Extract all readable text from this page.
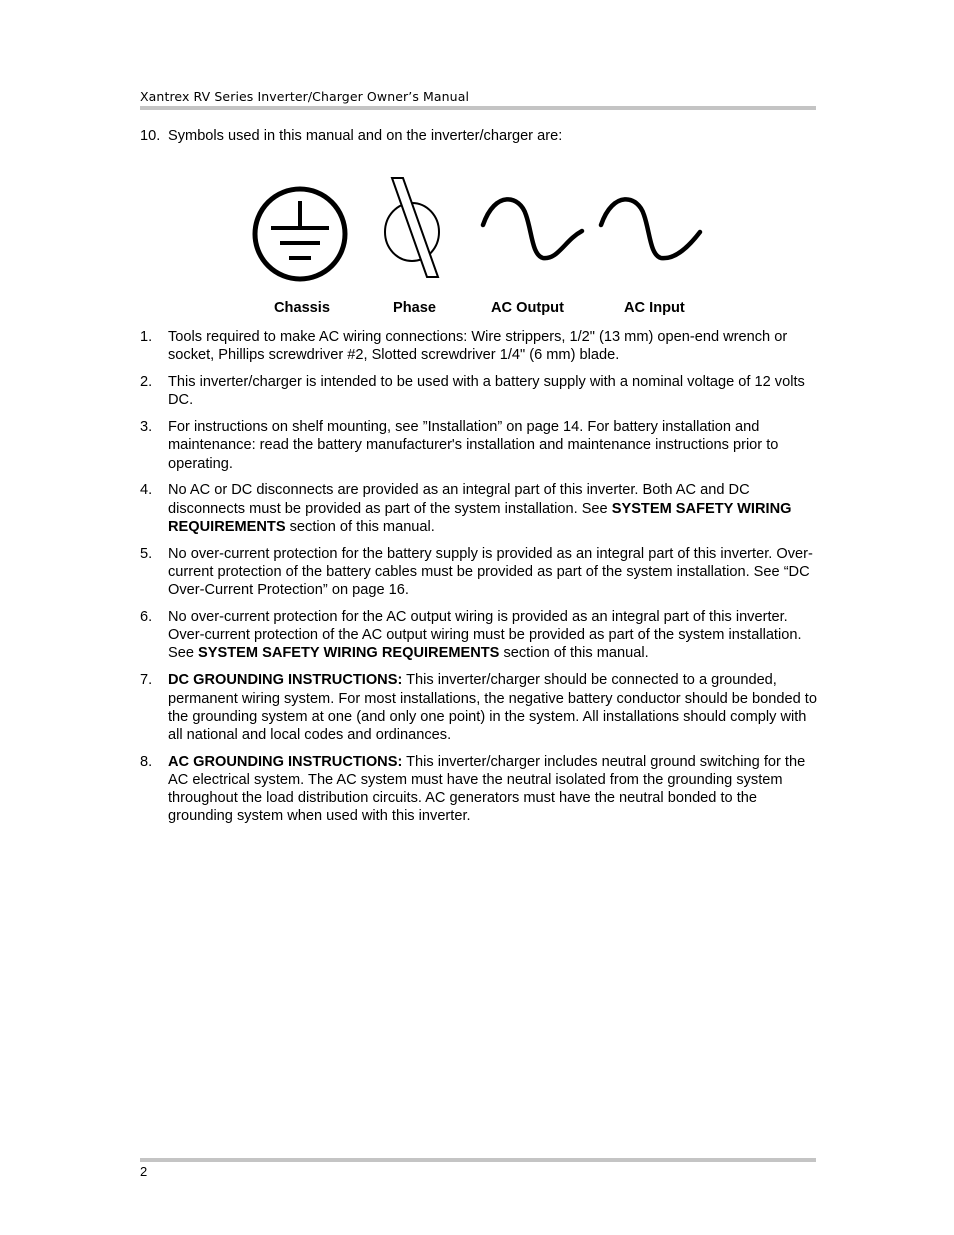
Xantrex RV Series Inverter/Charger Owner’s Manual
10. Symbols used in this manual and on the inverter/charger are:
Chassis	Phase	AC Output	AC Input
1.	Tools required to make AC wiring connections: Wire strippers, 1/2" (13 mm) open-end wrench or socket, Phillips screwdriver #2, Slotted screwdriver 1/4" (6 mm) blade.
2.	This inverter/charger is intended to be used with a battery supply with a nominal voltage of 12 volts DC.
3.	For instructions on shelf mounting, see ”Installation” on page 14. For battery installation and maintenance: read the battery manufacturer's installation and maintenance instructions prior to operating.
4.	No AC or DC disconnects are provided as an integral part of this inverter. Both AC and DC disconnects must be provided as part of the system installation. See SYSTEM SAFETY WIRING REQUIREMENTS section of this manual.
5.	No over-current protection for the battery supply is provided as an integral part of this inverter. Over-current protection of the battery cables must be provided as part of the system installation. See “DC Over-Current Protection” on page 16.
6.	No over-current protection for the AC output wiring is provided as an integral part of this inverter. Over-current protection of the AC output wiring must be provided as part of the system installation. See SYSTEM SAFETY WIRING REQUIREMENTS section of this manual.
7.	DC GROUNDING INSTRUCTIONS: This inverter/charger should be connected to a grounded, permanent wiring system. For most installations, the negative battery conductor should be bonded to the grounding system at one (and only one point) in the system. All installations should comply with all national and local codes and ordinances.
8.	AC GROUNDING INSTRUCTIONS: This inverter/charger includes neutral ground switching for the AC electrical system. The AC system must have the neutral isolated from the grounding system throughout the load distribution circuits. AC generators must have the neutral bonded to the grounding system when used with this inverter.
2
